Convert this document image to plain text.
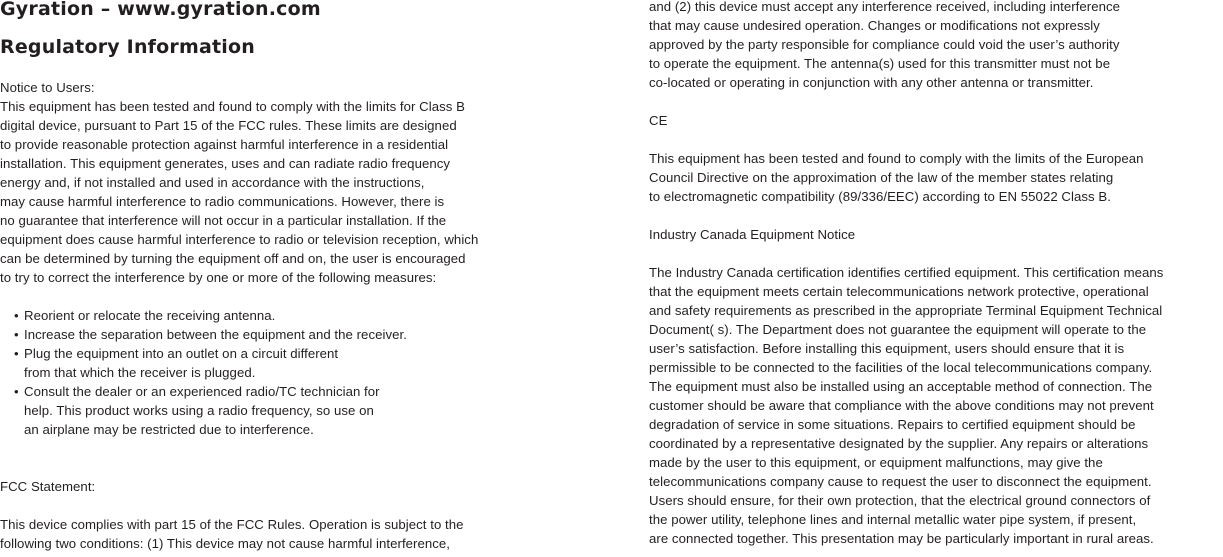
Gyration – www.gyration.com
Regulatory Information
Notice to Users:
This equipment has been tested and found to comply with the limits for Class B
digital device, pursuant to Part 15 of the FCC rules. These limits are designed
to provide reasonable protection against harmful interference in a residential
installation. This equipment generates, uses and can radiate radio frequency
energy and, if not installed and used in accordance with the instructions,
may cause harmful interference to radio communications. However, there is
no guarantee that interference will not occur in a particular installation. If the
equipment does cause harmful interference to radio or television reception, which
can be determined by turning the equipment off and on, the user is encouraged
to try to correct the interference by one or more of the following measures:
• Reorient or relocate the receiving antenna.
• Increase the separation between the equipment and the receiver.
• Plug the equipment into an outlet on a circuit different
from that which the receiver is plugged.
• Consult the dealer or an experienced radio/TC technician for
help. This product works using a radio frequency, so use on
an airplane may be restricted due to interference.
FCC Statement:
This device complies with part 15 of the FCC Rules. Operation is subject to the
following two conditions: (1) This device may not cause harmful interference,
and (2) this device must accept any interference received, including interference
that may cause undesired operation. Changes or modifications not expressly
approved by the party responsible for compliance could void the user’s authority
to operate the equipment. The antenna(s) used for this transmitter must not be
co-located or operating in conjunction with any other antenna or transmitter.
CE
This equipment has been tested and found to comply with the limits of the European
Council Directive on the approximation of the law of the member states relating
to electromagnetic compatibility (89/336/EEC) according to EN 55022 Class B.
Industry Canada Equipment Notice
The Industry Canada certification identifies certified equipment. This certification means
that the equipment meets certain telecommunications network protective, operational
and safety requirements as prescribed in the appropriate Terminal Equipment Technical
Document( s). The Department does not guarantee the equipment will operate to the
user’s satisfaction. Before installing this equipment, users should ensure that it is
permissible to be connected to the facilities of the local telecommunications company.
The equipment must also be installed using an acceptable method of connection. The
customer should be aware that compliance with the above conditions may not prevent
degradation of service in some situations. Repairs to certified equipment should be
coordinated by a representative designated by the supplier. Any repairs or alterations
made by the user to this equipment, or equipment malfunctions, may give the
telecommunications company cause to request the user to disconnect the equipment.
Users should ensure, for their own protection, that the electrical ground connectors of
the power utility, telephone lines and internal metallic water pipe system, if present,
are connected together. This presentation may be particularly important in rural areas.
